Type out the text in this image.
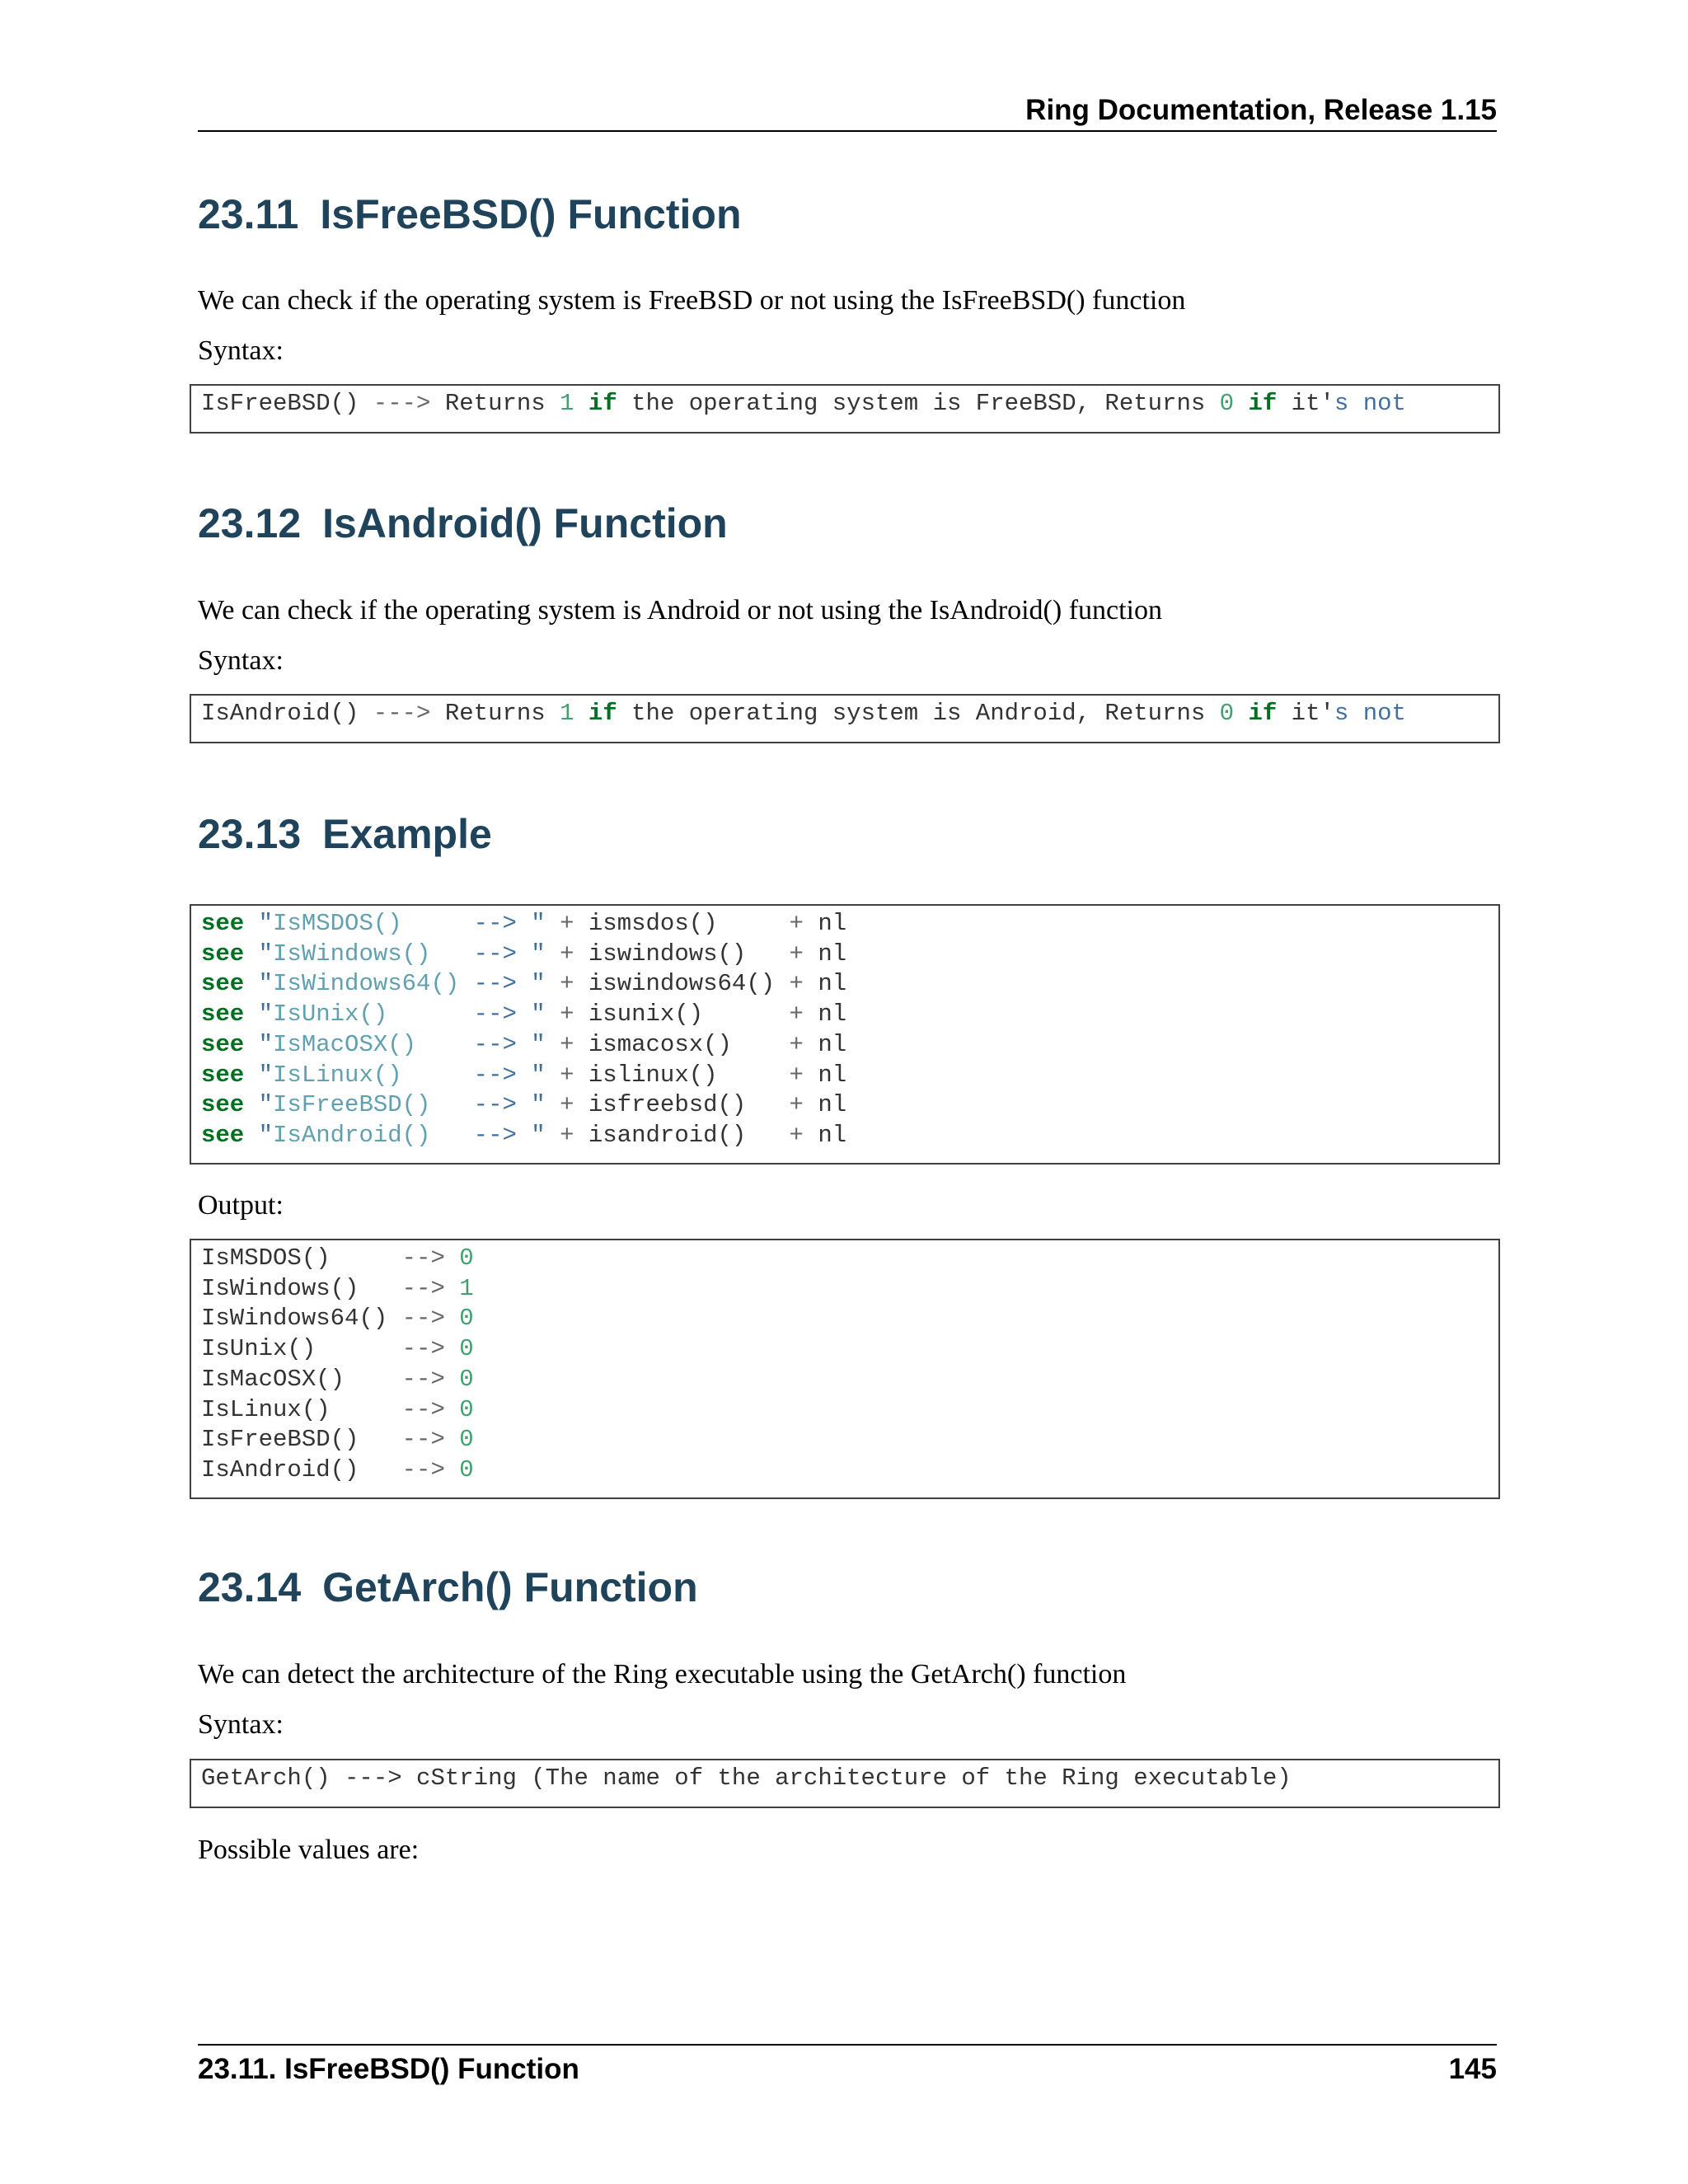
Ring Documentation, Release 1.15
23.11 IsFreeBSD() Function

We can check if the operating system is FreeBSD or not using the IsFreeBSD() function

Syntax:

IsFreeBSD() ---> Returns 1 if the operating system is FreeBSD, Returns 0 if it's not
23.12 IsAndroid() Function

We can check if the operating system is Android or not using the IsAndroid() function

Syntax:

IsAndroid() ---> Returns 1 if the operating system is Android, Returns 0 if it's not
23.13 Example
see "IsMSDOS()     --> " + ismsdos()     + nl
see "IsWindows()   --> " + iswindows()   + nl
see "IsWindows64() --> " + iswindows64() + nl
see "IsUnix()      --> " + isunix()      + nl
see "IsMacOSX()    --> " + ismacosx()    + nl
see "IsLinux()     --> " + islinux()     + nl
see "IsFreeBSD()   --> " + isfreebsd()   + nl
see "IsAndroid()   --> " + isandroid()   + nl

Output:

IsMSDOS()     --> 0
IsWindows()   --> 1
IsWindows64() --> 0
IsUnix()      --> 0
IsMacOSX()    --> 0
IsLinux()     --> 0
IsFreeBSD()   --> 0
IsAndroid()   --> 0
23.14 GetArch() Function

We can detect the architecture of the Ring executable using the GetArch() function

Syntax:

GetArch() ---> cString (The name of the architecture of the Ring executable)

Possible values are:

23.11. IsFreeBSD() Function	145
